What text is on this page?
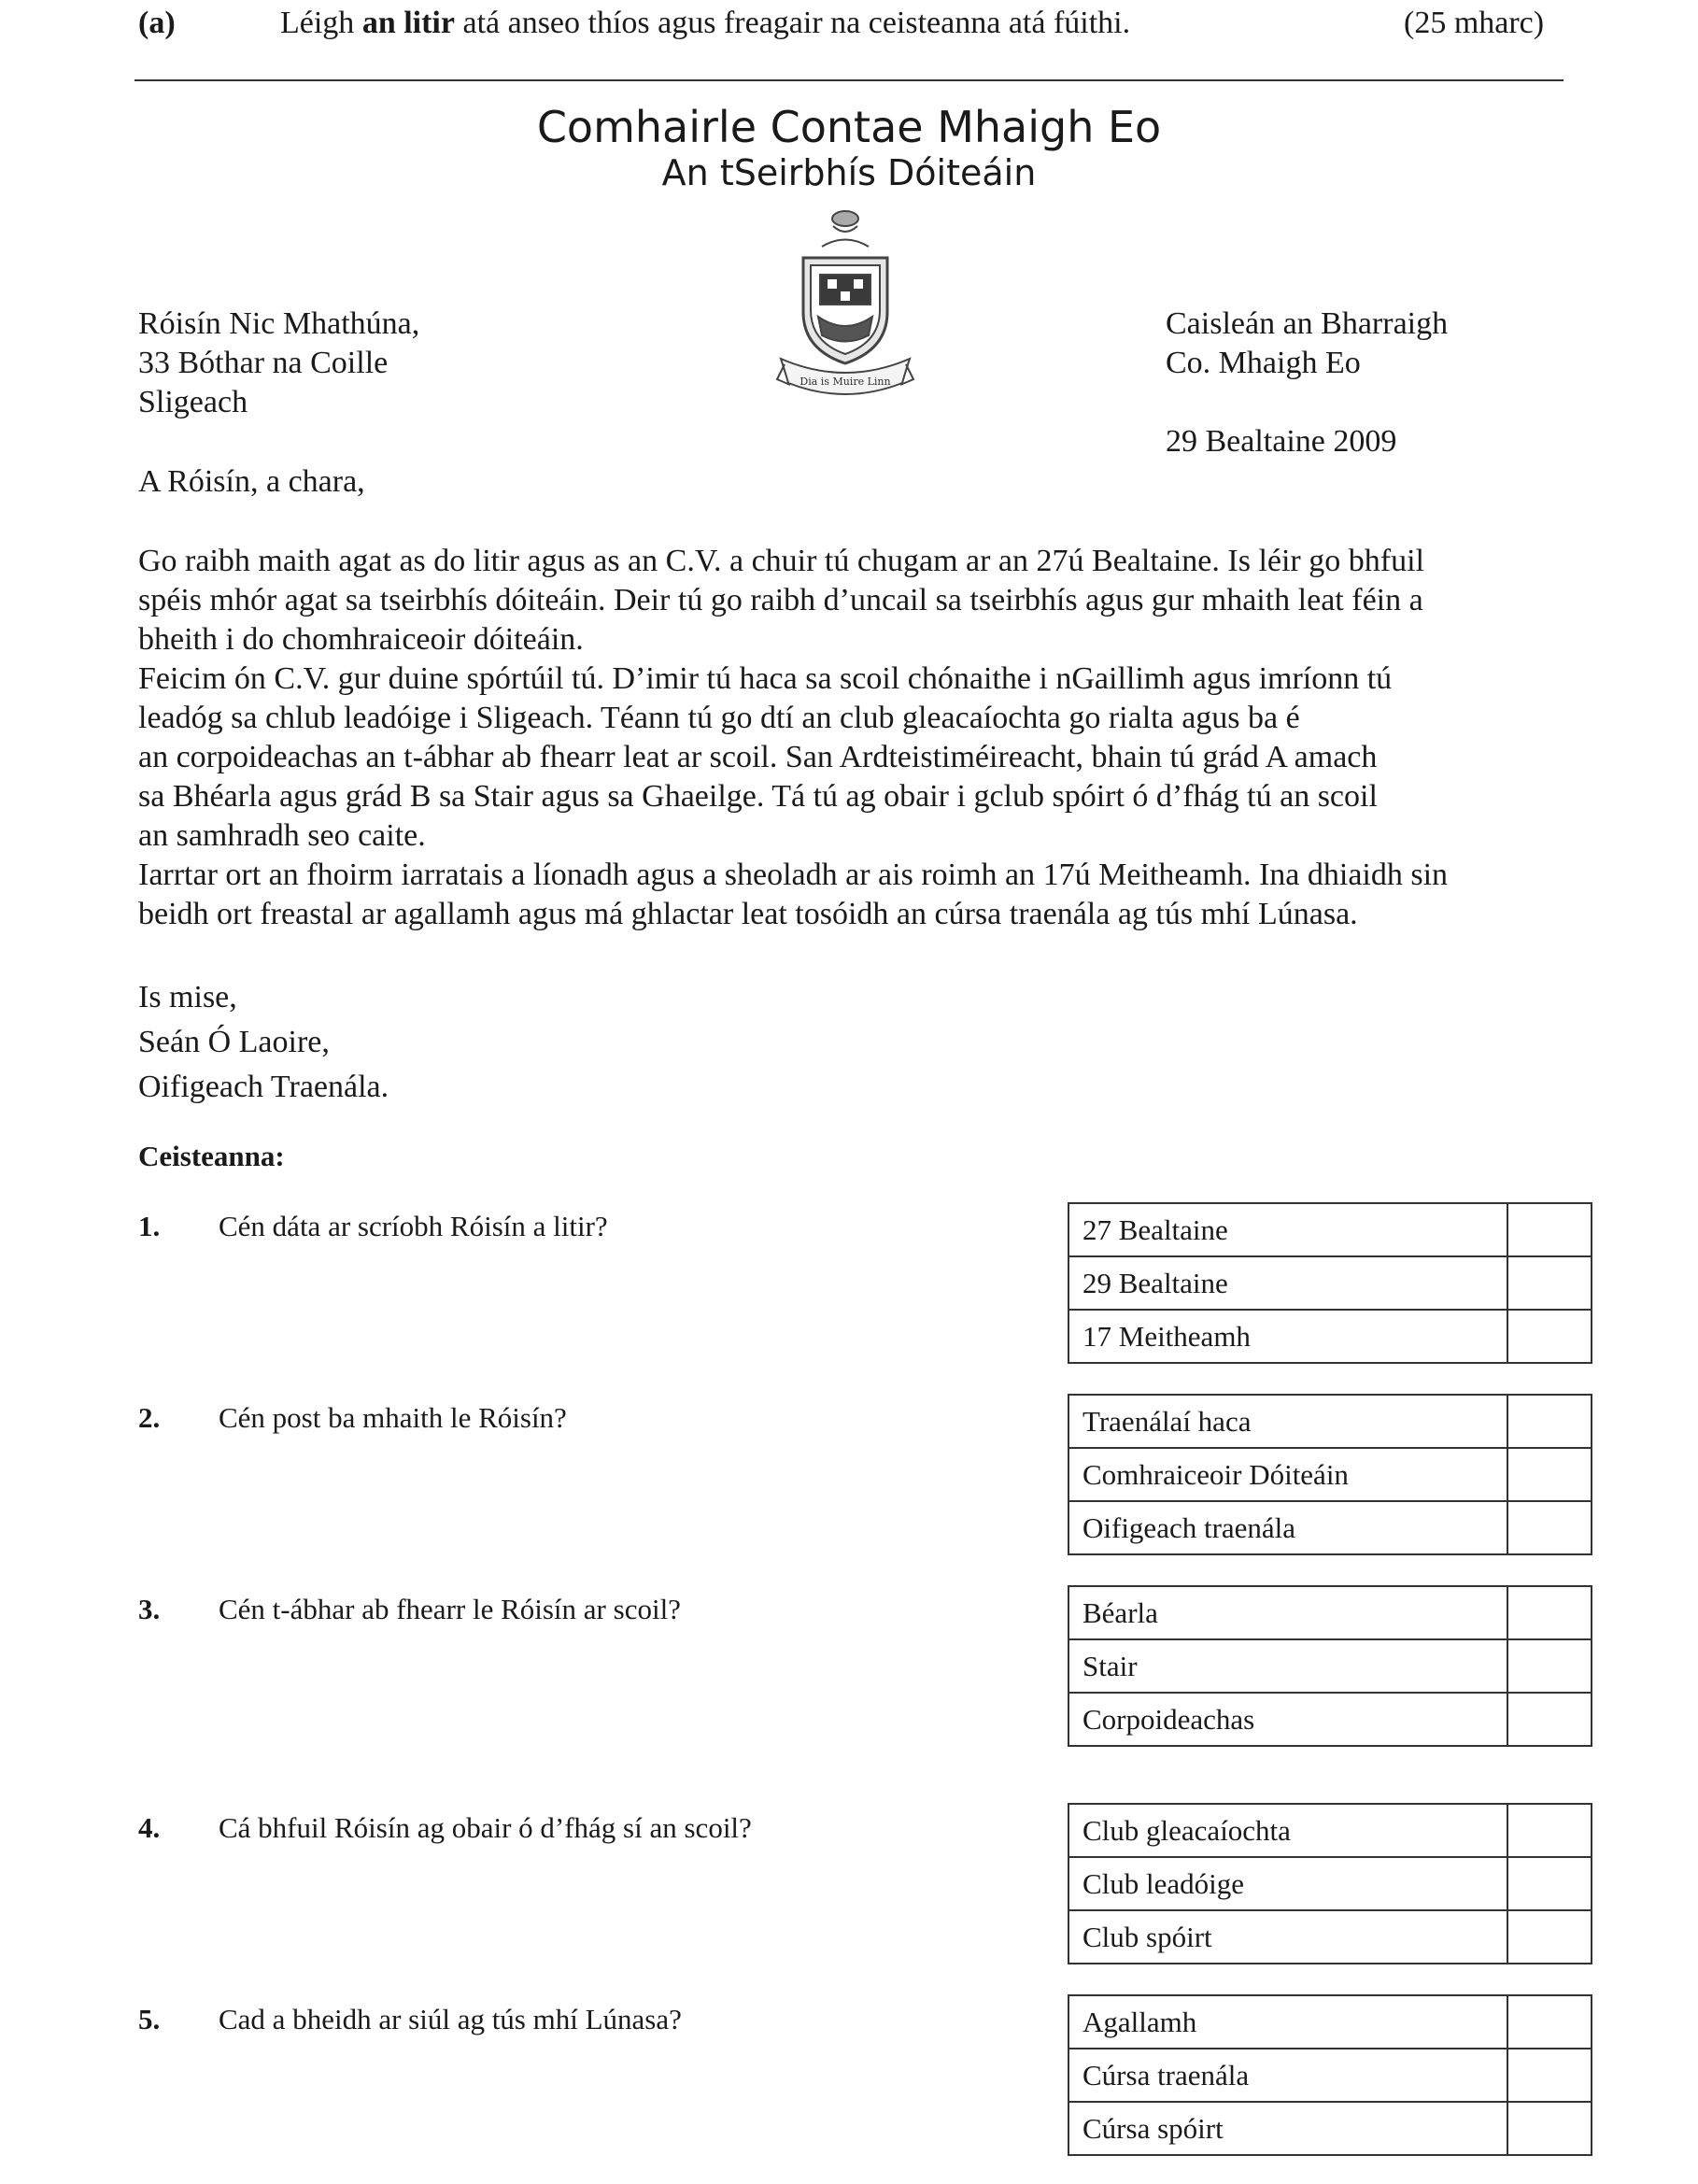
(a)	Léigh an litir atá anseo thíos agus freagair na ceisteanna atá fúithi.	(25 mharc)
Comhairle Contae Mhaigh Eo
An tSeirbhís Dóiteáin
Dia is Muire Linn
Róisín Nic Mhathúna,
33 Bóthar na Coille
Sligeach
Caisleán an Bharraigh
Co. Mhaigh Eo
29 Bealtaine 2009
A Róisín, a chara,
Go raibh maith agat as do litir agus as an C.V. a chuir tú chugam ar an 27ú Bealtaine. Is léir go bhfuil
spéis mhór agat sa tseirbhís dóiteáin. Deir tú go raibh d’uncail sa tseirbhís agus gur mhaith leat féin a
bheith i do chomhraiceoir dóiteáin.
Feicim ón C.V. gur duine spórtúil tú. D’imir tú haca sa scoil chónaithe i nGaillimh agus imríonn tú
leadóg sa chlub leadóige i Sligeach. Téann tú go dtí an club gleacaíochta go rialta agus ba é
an corpoideachas an t-ábhar ab fhearr leat ar scoil. San Ardteistiméireacht, bhain tú grád A amach
sa Bhéarla agus grád B sa Stair agus sa Ghaeilge. Tá tú ag obair i gclub spóirt ó d’fhág tú an scoil
an samhradh seo caite.
Iarrtar ort an fhoirm iarratais a líonadh agus a sheoladh ar ais roimh an 17ú Meitheamh. Ina dhiaidh sin
beidh ort freastal ar agallamh agus má ghlactar leat tosóidh an cúrsa traenála ag tús mhí Lúnasa.
Is mise,
Seán Ó Laoire,
Oifigeach Traenála.
Ceisteanna:
1. Cén dáta ar scríobh Róisín a litir?	27 Bealtaine	
29 Bealtaine	
17 Meitheamh	
2. Cén post ba mhaith le Róisín?	Traenálaí haca	
Comhraiceoir Dóiteáin	
Oifigeach traenála	
3. Cén t-ábhar ab fhearr le Róisín ar scoil?	Béarla	
Stair	
Corpoideachas	
4. Cá bhfuil Róisín ag obair ó d’fhág sí an scoil?	Club gleacaíochta	
Club leadóige	
Club spóirt	
5. Cad a bheidh ar siúl ag tús mhí Lúnasa?	Agallamh	
Cúrsa traenála	
Cúrsa spóirt	
